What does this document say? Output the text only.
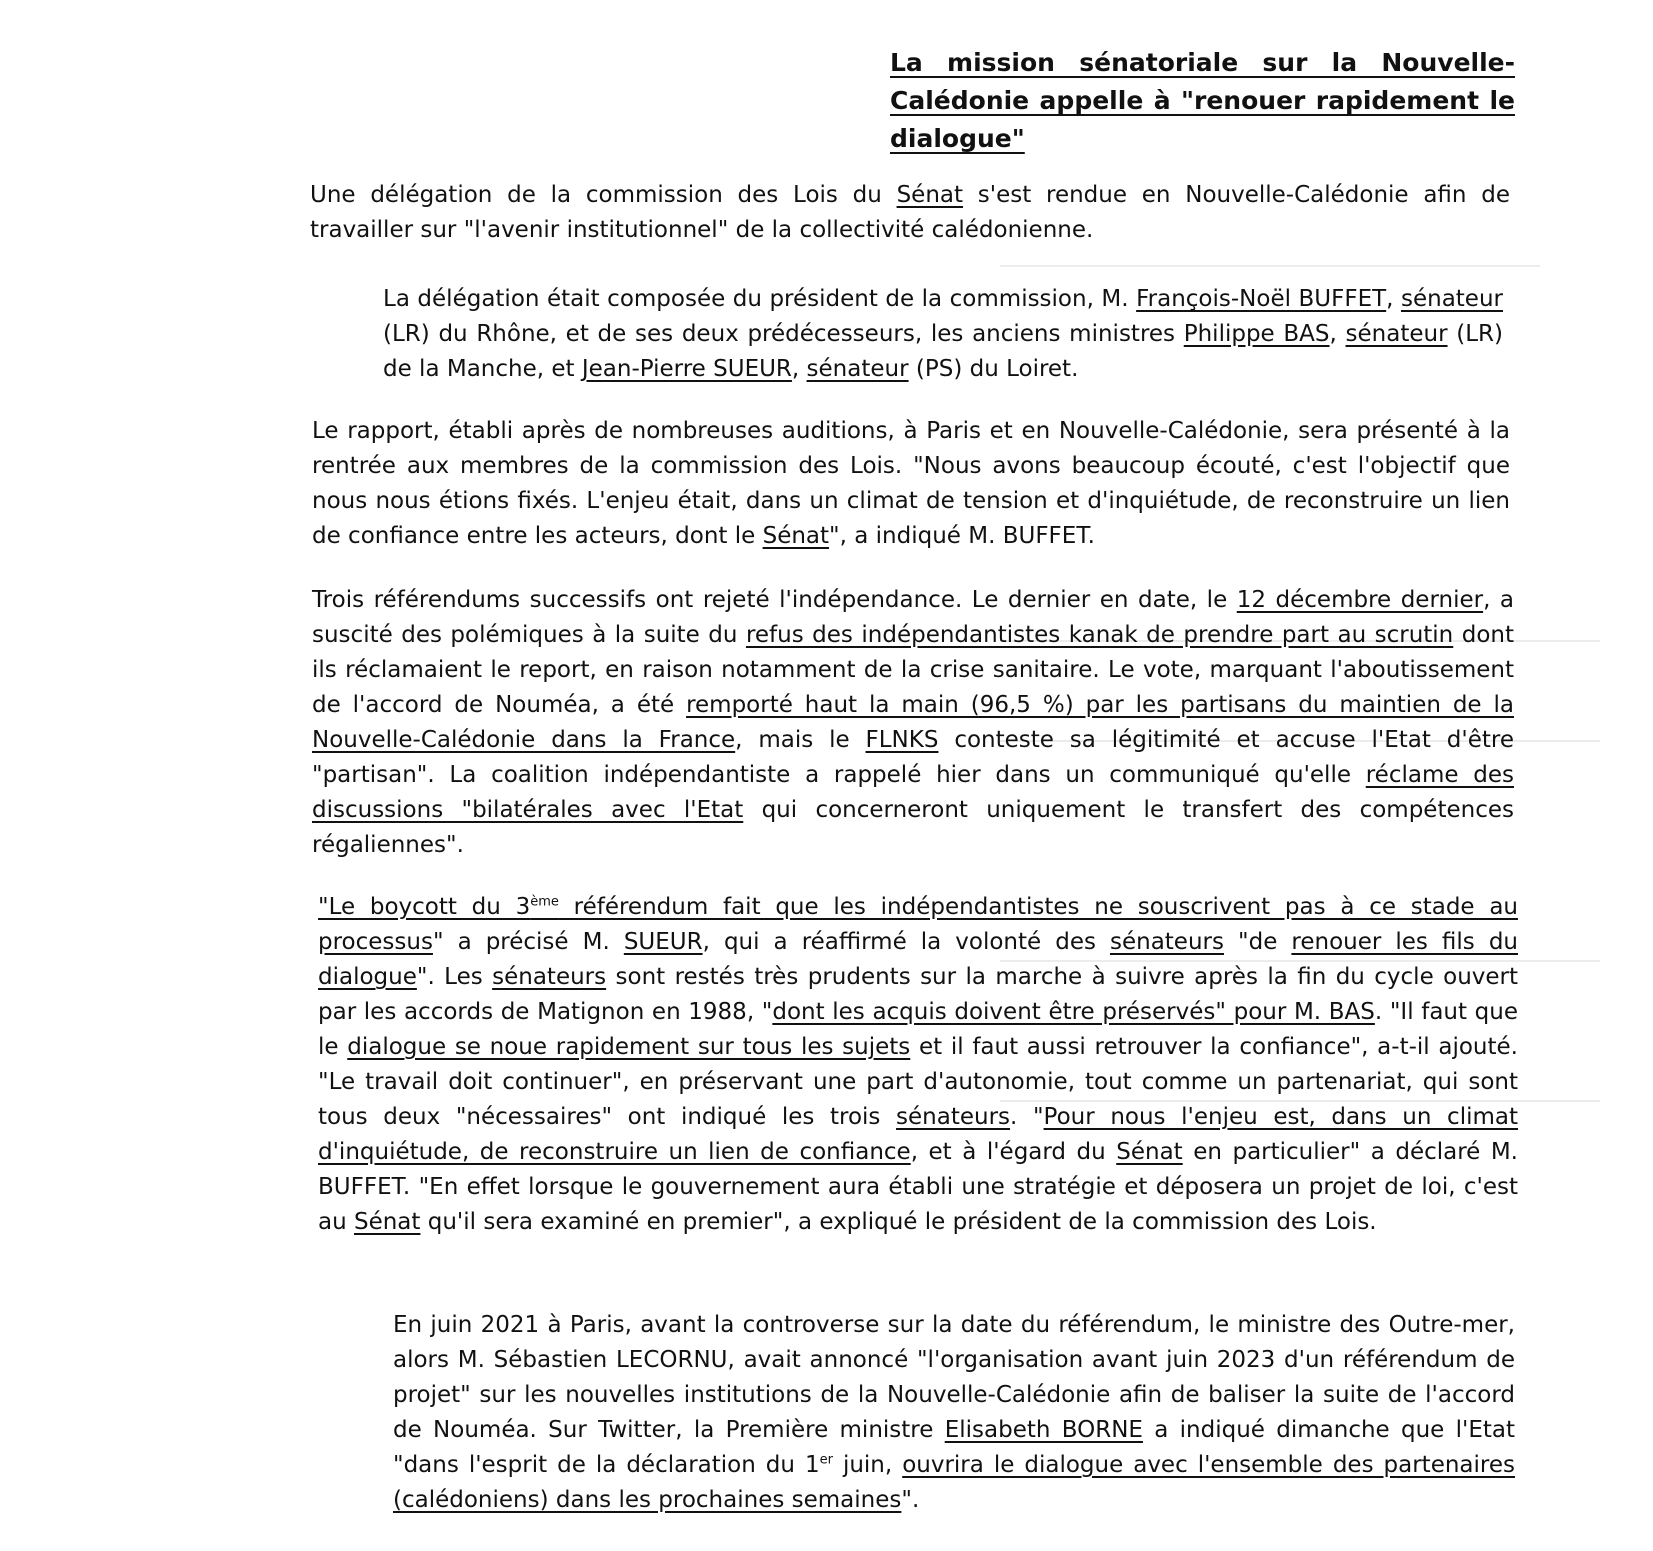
La mission sénatoriale sur la Nouvelle-Calédonie appelle à "renouer rapidement le dialogue"

Une délégation de la commission des Lois du Sénat s'est rendue en Nouvelle-Calédonie afin de travailler sur "l'avenir institutionnel" de la collectivité calédonienne.

La délégation était composée du président de la commission, M. François-Noël BUFFET, sénateur (LR) du Rhône, et de ses deux prédécesseurs, les anciens ministres Philippe BAS, sénateur (LR) de la Manche, et Jean-Pierre SUEUR, sénateur (PS) du Loiret.

Le rapport, établi après de nombreuses auditions, à Paris et en Nouvelle-Calédonie, sera présenté à la rentrée aux membres de la commission des Lois. "Nous avons beaucoup écouté, c'est l'objectif que nous nous étions fixés. L'enjeu était, dans un climat de tension et d'inquiétude, de reconstruire un lien de confiance entre les acteurs, dont le Sénat", a indiqué M. BUFFET.

Trois référendums successifs ont rejeté l'indépendance. Le dernier en date, le 12 décembre dernier, a suscité des polémiques à la suite du refus des indépendantistes kanak de prendre part au scrutin dont ils réclamaient le report, en raison notamment de la crise sanitaire. Le vote, marquant l'aboutissement de l'accord de Nouméa, a été remporté haut la main (96,5 %) par les partisans du maintien de la Nouvelle-Calédonie dans la France, mais le FLNKS conteste sa légitimité et accuse l'Etat d'être "partisan". La coalition indépendantiste a rappelé hier dans un communiqué qu'elle réclame des discussions "bilatérales avec l'Etat qui concerneront uniquement le transfert des compétences régaliennes".

"Le boycott du 3ème référendum fait que les indépendantistes ne souscrivent pas à ce stade au processus" a précisé M. SUEUR, qui a réaffirmé la volonté des sénateurs "de renouer les fils du dialogue". Les sénateurs sont restés très prudents sur la marche à suivre après la fin du cycle ouvert par les accords de Matignon en 1988, "dont les acquis doivent être préservés" pour M. BAS. "Il faut que le dialogue se noue rapidement sur tous les sujets et il faut aussi retrouver la confiance", a-t-il ajouté. "Le travail doit continuer", en préservant une part d'autonomie, tout comme un partenariat, qui sont tous deux "nécessaires" ont indiqué les trois sénateurs. "Pour nous l'enjeu est, dans un climat d'inquiétude, de reconstruire un lien de confiance, et à l'égard du Sénat en particulier" a déclaré M. BUFFET. "En effet lorsque le gouvernement aura établi une stratégie et déposera un projet de loi, c'est au Sénat qu'il sera examiné en premier", a expliqué le président de la commission des Lois.

En juin 2021 à Paris, avant la controverse sur la date du référendum, le ministre des Outre-mer, alors M. Sébastien LECORNU, avait annoncé "l'organisation avant juin 2023 d'un référendum de projet" sur les nouvelles institutions de la Nouvelle-Calédonie afin de baliser la suite de l'accord de Nouméa. Sur Twitter, la Première ministre Elisabeth BORNE a indiqué dimanche que l'Etat "dans l'esprit de la déclaration du 1er juin, ouvrira le dialogue avec l'ensemble des partenaires (calédoniens) dans les prochaines semaines".
